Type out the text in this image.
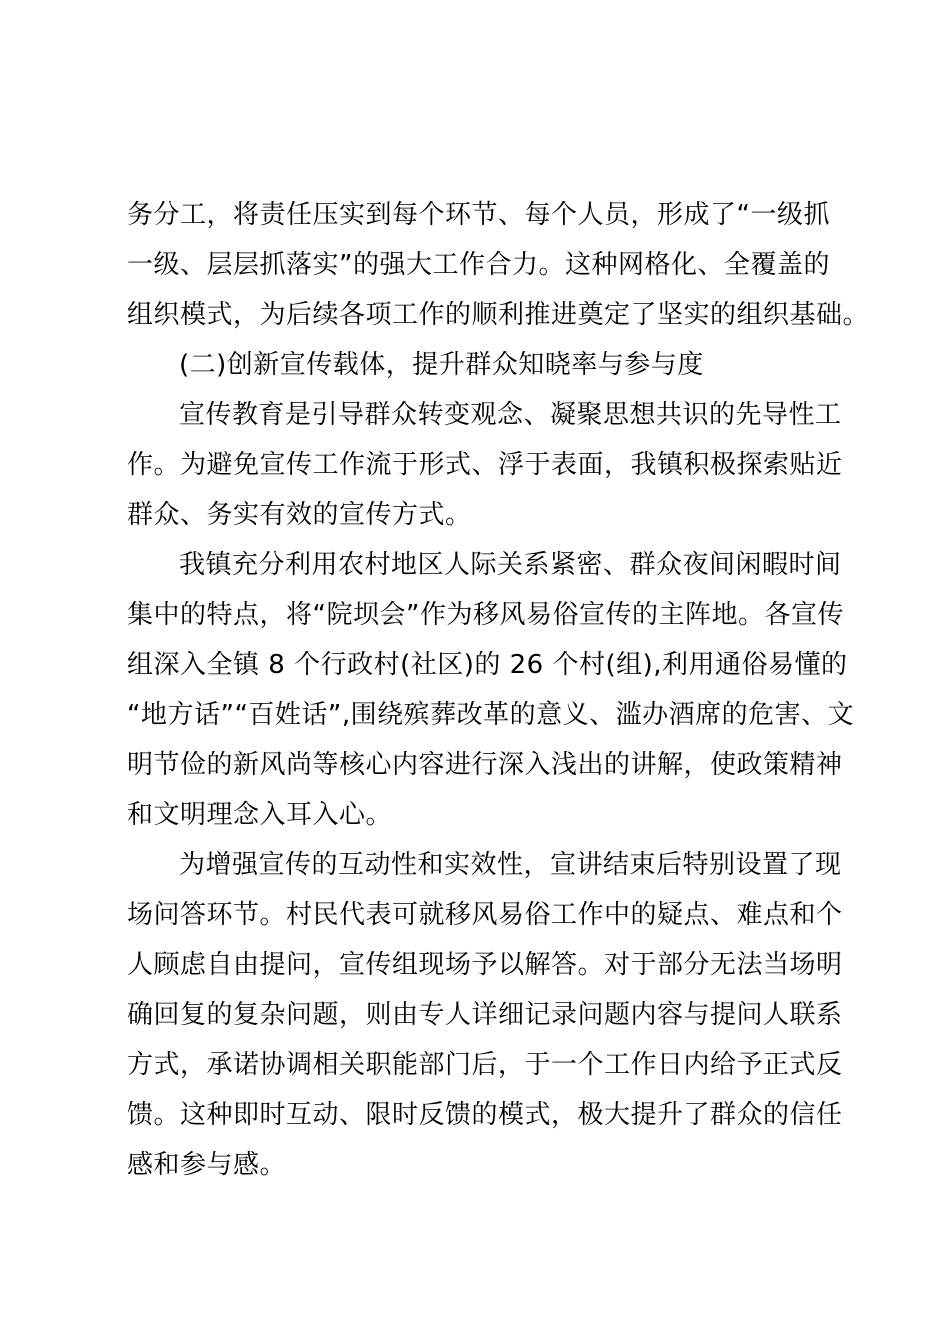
务分工，将责任压实到每个环节、每个人员，形成了“一级抓
一级、层层抓落实”的强大工作合力。这种网格化、全覆盖的
组织模式，为后续各项工作的顺利推进奠定了坚实的组织基础。
(二)创新宣传载体，提升群众知晓率与参与度
宣传教育是引导群众转变观念、凝聚思想共识的先导性工
作。为避免宣传工作流于形式、浮于表面，我镇积极探索贴近
群众、务实有效的宣传方式。
我镇充分利用农村地区人际关系紧密、群众夜间闲暇时间
集中的特点，将“院坝会”作为移风易俗宣传的主阵地。各宣传
组深入全镇 8 个行政村(社区)的 26 个村(组),利用通俗易懂的
“地方话”“百姓话”,围绕殡葬改革的意义、滥办酒席的危害、文
明节俭的新风尚等核心内容进行深入浅出的讲解，使政策精神
和文明理念入耳入心。
为增强宣传的互动性和实效性，宣讲结束后特别设置了现
场问答环节。村民代表可就移风易俗工作中的疑点、难点和个
人顾虑自由提问，宣传组现场予以解答。对于部分无法当场明
确回复的复杂问题，则由专人详细记录问题内容与提问人联系
方式，承诺协调相关职能部门后，于一个工作日内给予正式反
馈。这种即时互动、限时反馈的模式，极大提升了群众的信任
感和参与感。
